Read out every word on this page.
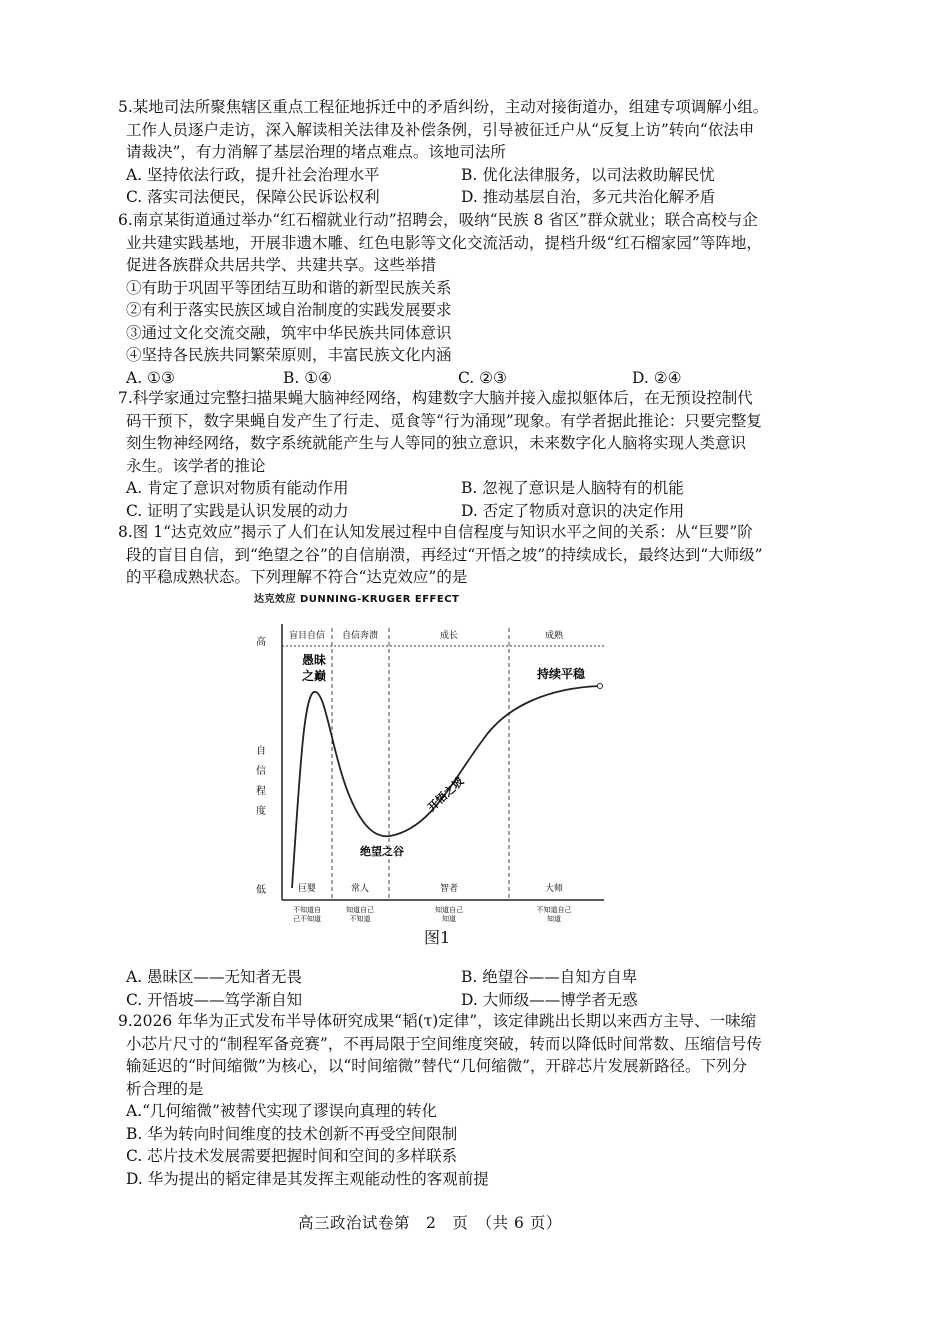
5.某地司法所聚焦辖区重点工程征地拆迁中的矛盾纠纷，主动对接街道办，组建专项调解小组。
工作人员逐户走访，深入解读相关法律及补偿条例，引导被征迁户从“反复上访”转向“依法申
请裁决”，有力消解了基层治理的堵点难点。该地司法所
A. 坚持依法行政，提升社会治理水平	B. 优化法律服务，以司法救助解民忧
C. 落实司法便民，保障公民诉讼权利	D. 推动基层自治，多元共治化解矛盾
6.南京某街道通过举办“红石榴就业行动”招聘会，吸纳“民族 8 省区”群众就业；联合高校与企
业共建实践基地，开展非遗木雕、红色电影等文化交流活动，提档升级“红石榴家园”等阵地，
促进各族群众共居共学、共建共享。这些举措
①有助于巩固平等团结互助和谐的新型民族关系
②有利于落实民族区域自治制度的实践发展要求
③通过文化交流交融，筑牢中华民族共同体意识
④坚持各民族共同繁荣原则，丰富民族文化内涵
A. ①③	B. ①④	C. ②③	D. ②④
7.科学家通过完整扫描果蝇大脑神经网络，构建数字大脑并接入虚拟躯体后，在无预设控制代
码干预下，数字果蝇自发产生了行走、觅食等“行为涌现”现象。有学者据此推论：只要完整复
刻生物神经网络，数字系统就能产生与人等同的独立意识，未来数字化人脑将实现人类意识
永生。该学者的推论
A. 肯定了意识对物质有能动作用	B. 忽视了意识是人脑特有的机能
C. 证明了实践是认识发展的动力	D. 否定了物质对意识的决定作用
8.图 1“达克效应”揭示了人们在认知发展过程中自信程度与知识水平之间的关系：从“巨婴”阶
段的盲目自信，到“绝望之谷”的自信崩溃，再经过“开悟之坡”的持续成长，最终达到“大师级”
的平稳成熟状态。下列理解不符合“达克效应”的是
达克效应 DUNNING-KRUGER EFFECT
高
低
自
信
程
度
盲目自信 自信奔溃	成长	成熟
愚昧
之巅
绝望之谷
开悟之坡
持续平稳
巨婴	常人	智者	大师
不知道自
己不知道
知道自己
不知道
知道自己
知道
不知道自己
知道
图1
A. 愚昧区——无知者无畏	B. 绝望谷——自知方自卑
C. 开悟坡——笃学渐自知	D. 大师级——博学者无惑
9.2026 年华为正式发布半导体研究成果“韬(τ)定律”，该定律跳出长期以来西方主导、一味缩
小芯片尺寸的“制程军备竞赛”，不再局限于空间维度突破，转而以降低时间常数、压缩信号传
输延迟的“时间缩微”为核心，以“时间缩微”替代“几何缩微”，开辟芯片发展新路径。下列分
析合理的是
A.“几何缩微”被替代实现了谬误向真理的转化
B. 华为转向时间维度的技术创新不再受空间限制
C. 芯片技术发展需要把握时间和空间的多样联系
D. 华为提出的韬定律是其发挥主观能动性的客观前提
高三政治试卷第　2　页　（共 6 页）
